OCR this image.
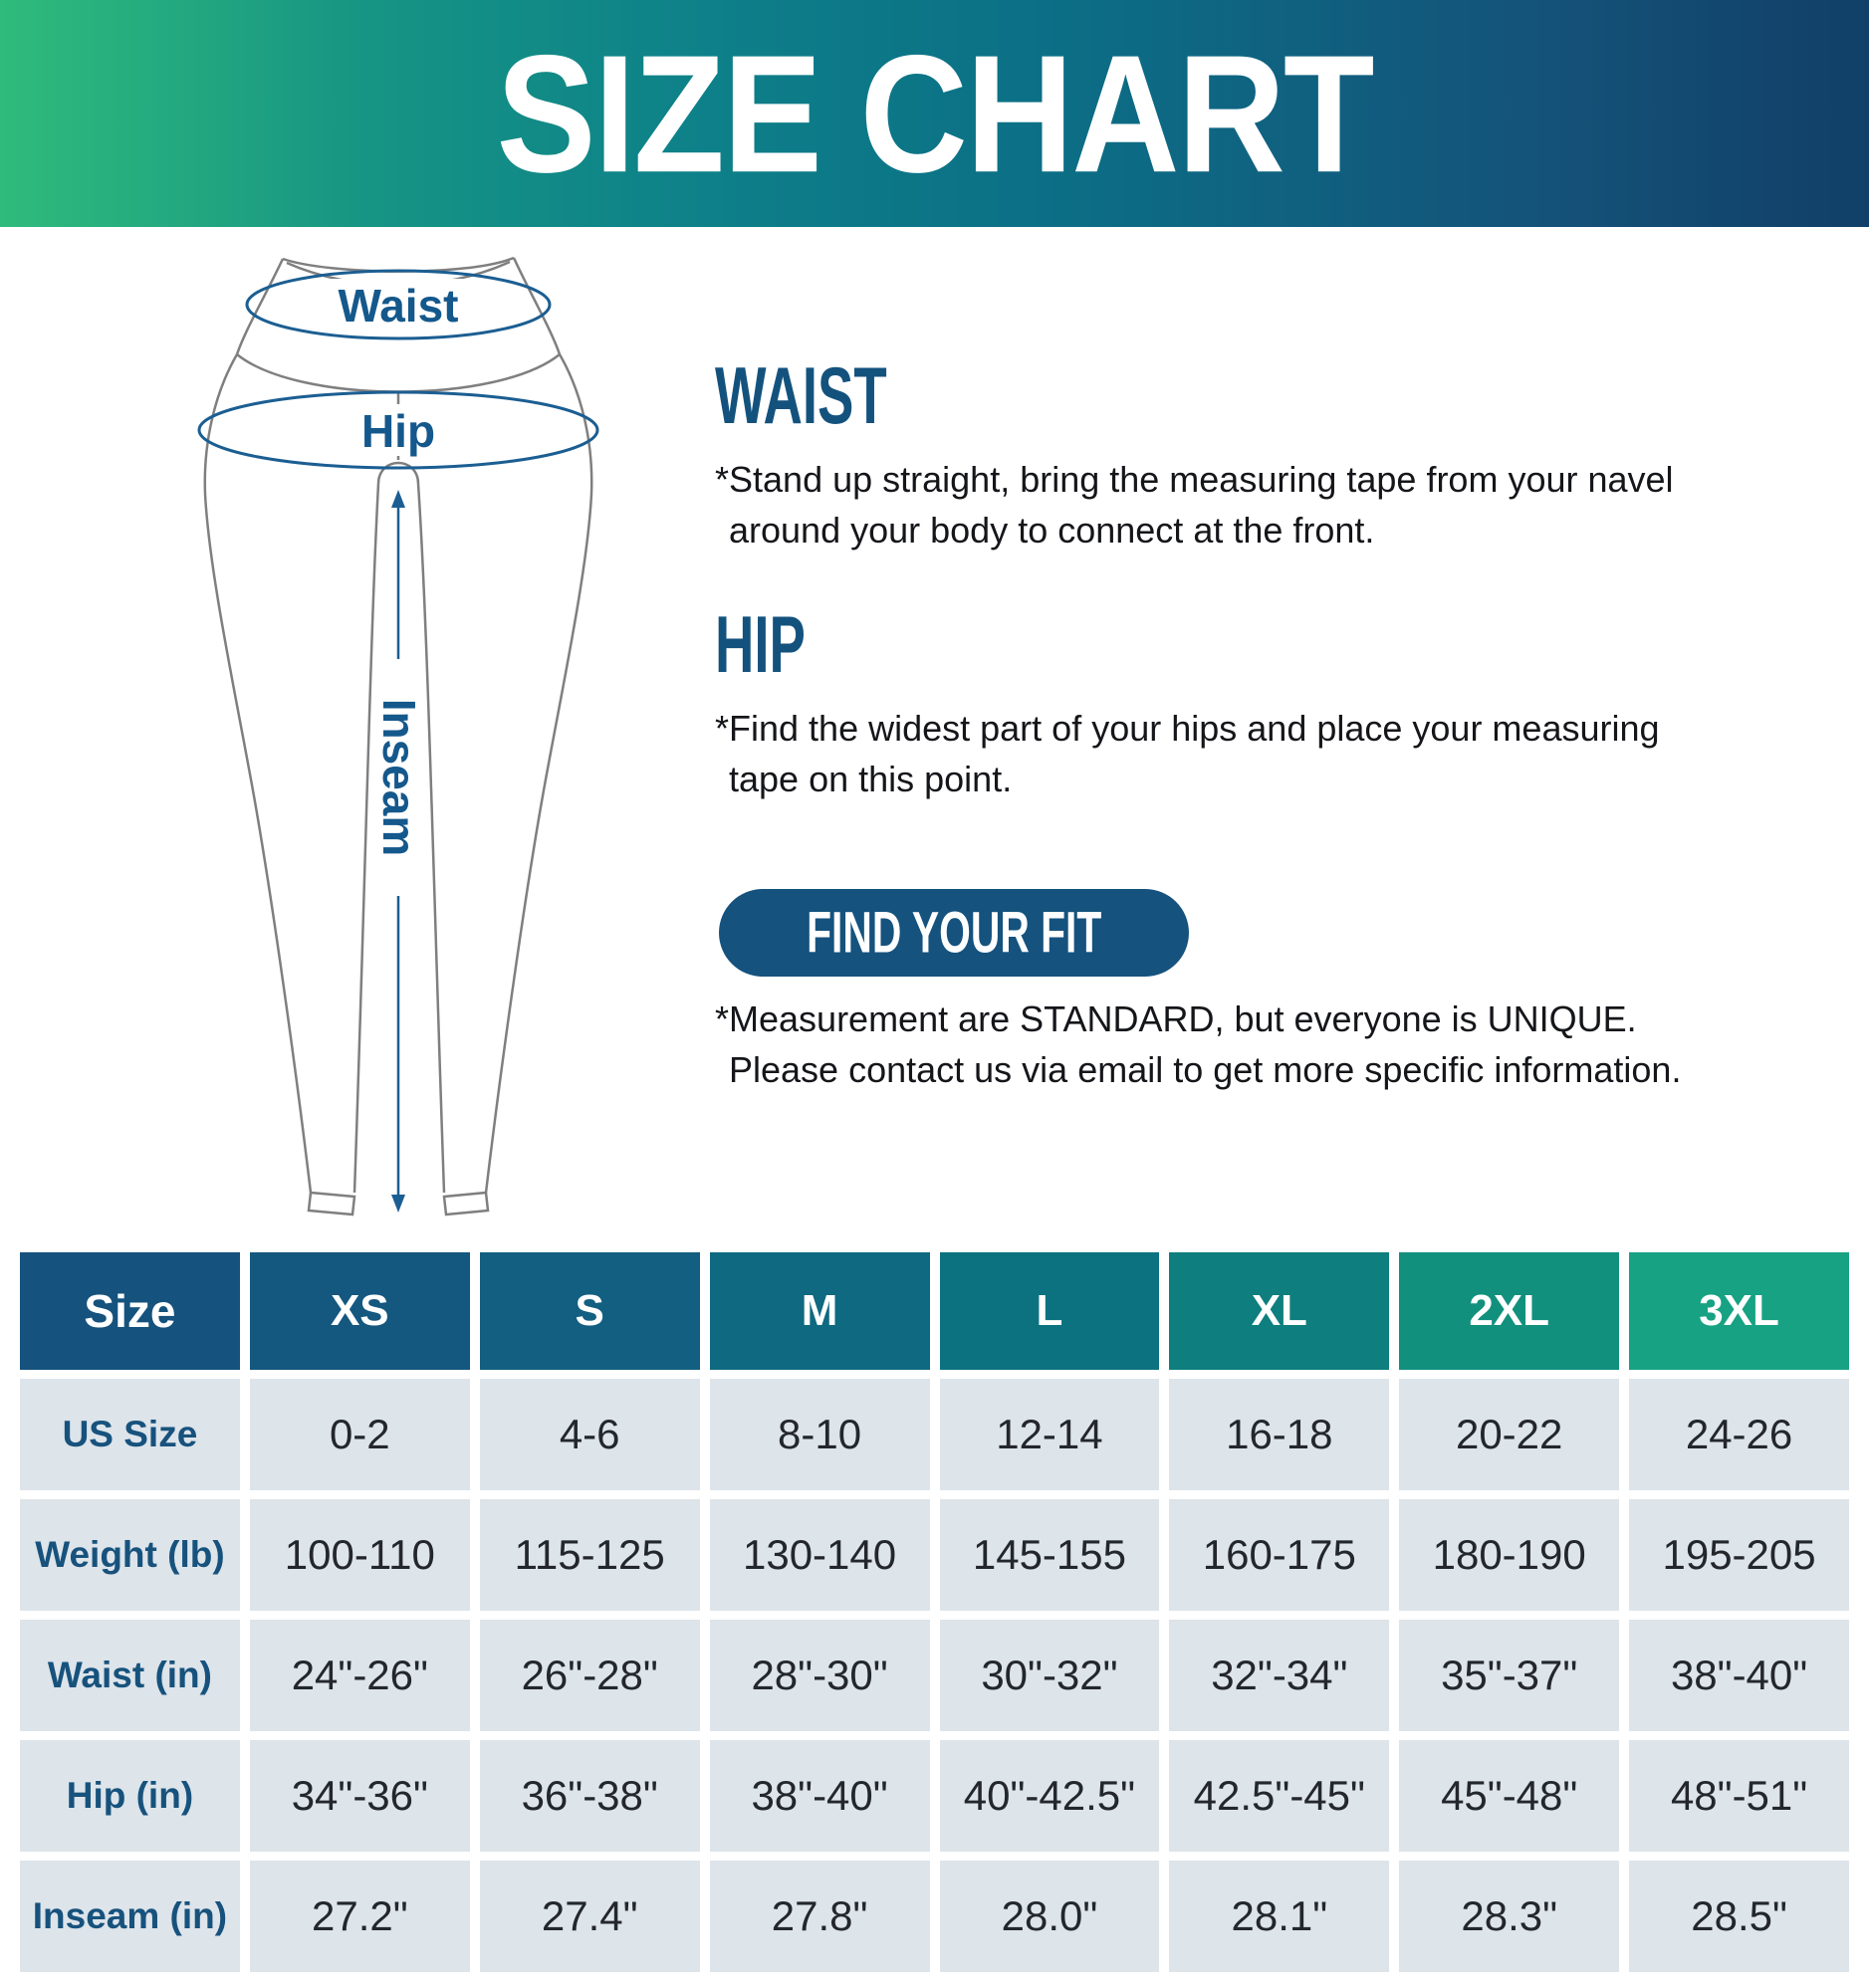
SIZE CHART
Waist
Hip
Inseam
WAIST

*Stand up straight, bring the measuring tape from your navel
around your body to connect at the front.

HIP

*Find the widest part of your hips and place your measuring
tape on this point.

FIND YOUR FIT

*Measurement are STANDARD, but everyone is UNIQUE.
Please contact us via email to get more specific information.

Size	XS	S	M	L	XL	2XL	3XL
US Size	0-2	4-6	8-10	12-14	16-18	20-22	24-26
Weight (lb)	100-110	115-125	130-140	145-155	160-175	180-190	195-205
Waist (in)	24"-26"	26"-28"	28"-30"	30"-32"	32"-34"	35"-37"	38"-40"
Hip (in)	34"-36"	36"-38"	38"-40"	40"-42.5"	42.5"-45"	45"-48"	48"-51"
Inseam (in)	27.2"	27.4"	27.8"	28.0"	28.1"	28.3"	28.5"
